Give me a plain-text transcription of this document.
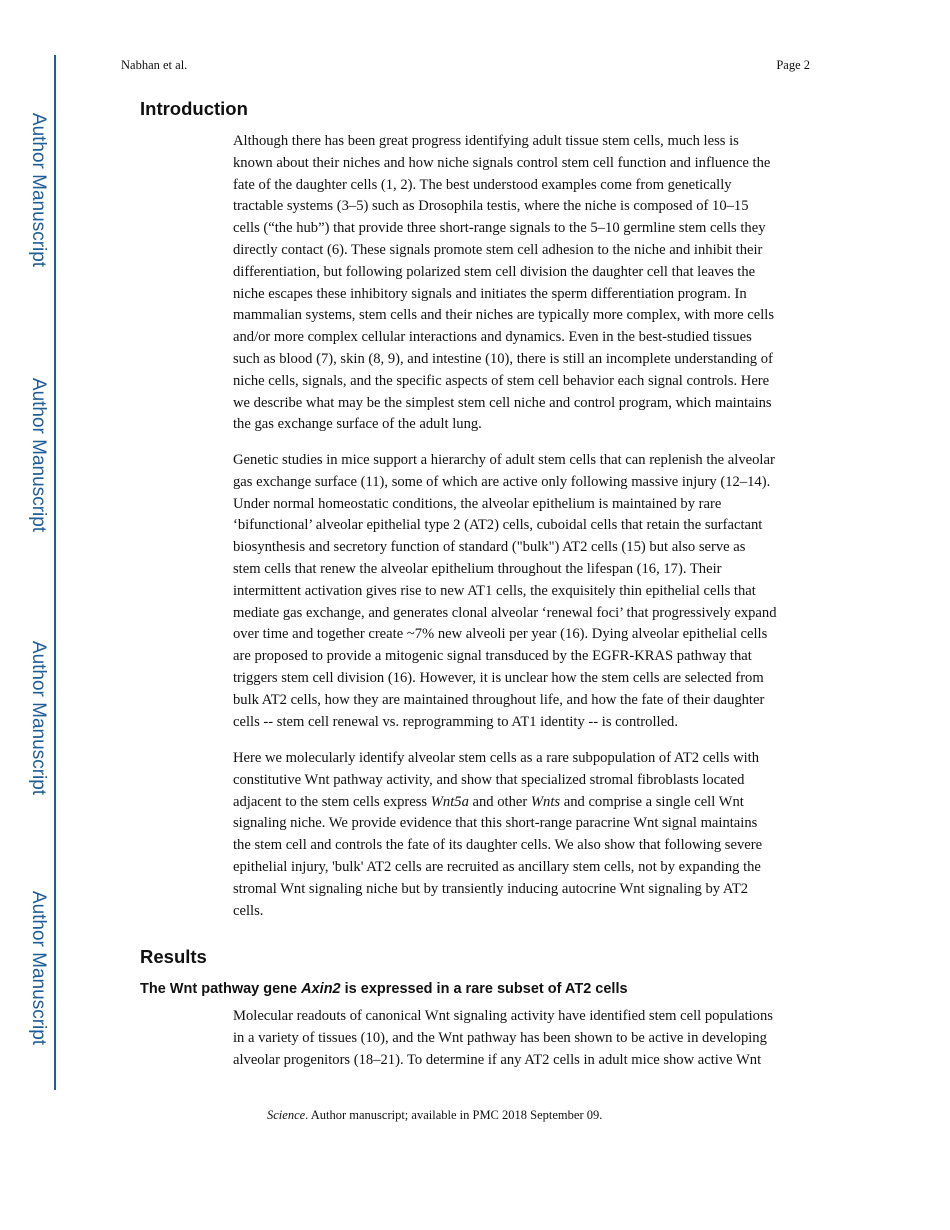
Author Manuscript
Author Manuscript
Author Manuscript
Author Manuscript
Nabhan et al.	Page 2
Introduction
Although there has been great progress identifying adult tissue stem cells, much less is
known about their niches and how niche signals control stem cell function and influence the
fate of the daughter cells (1, 2). The best understood examples come from genetically
tractable systems (3–5) such as Drosophila testis, where the niche is composed of 10–15
cells (“the hub”) that provide three short-range signals to the 5–10 germline stem cells they
directly contact (6). These signals promote stem cell adhesion to the niche and inhibit their
differentiation, but following polarized stem cell division the daughter cell that leaves the
niche escapes these inhibitory signals and initiates the sperm differentiation program. In
mammalian systems, stem cells and their niches are typically more complex, with more cells
and/or more complex cellular interactions and dynamics. Even in the best-studied tissues
such as blood (7), skin (8, 9), and intestine (10), there is still an incomplete understanding of
niche cells, signals, and the specific aspects of stem cell behavior each signal controls. Here
we describe what may be the simplest stem cell niche and control program, which maintains
the gas exchange surface of the adult lung.
Genetic studies in mice support a hierarchy of adult stem cells that can replenish the alveolar
gas exchange surface (11), some of which are active only following massive injury (12–14).
Under normal homeostatic conditions, the alveolar epithelium is maintained by rare
‘bifunctional’ alveolar epithelial type 2 (AT2) cells, cuboidal cells that retain the surfactant
biosynthesis and secretory function of standard ("bulk") AT2 cells (15) but also serve as
stem cells that renew the alveolar epithelium throughout the lifespan (16, 17). Their
intermittent activation gives rise to new AT1 cells, the exquisitely thin epithelial cells that
mediate gas exchange, and generates clonal alveolar ‘renewal foci’ that progressively expand
over time and together create ~7% new alveoli per year (16). Dying alveolar epithelial cells
are proposed to provide a mitogenic signal transduced by the EGFR-KRAS pathway that
triggers stem cell division (16). However, it is unclear how the stem cells are selected from
bulk AT2 cells, how they are maintained throughout life, and how the fate of their daughter
cells -- stem cell renewal vs. reprogramming to AT1 identity -- is controlled.
Here we molecularly identify alveolar stem cells as a rare subpopulation of AT2 cells with
constitutive Wnt pathway activity, and show that specialized stromal fibroblasts located
adjacent to the stem cells express Wnt5a and other Wnts and comprise a single cell Wnt
signaling niche. We provide evidence that this short-range paracrine Wnt signal maintains
the stem cell and controls the fate of its daughter cells. We also show that following severe
epithelial injury, 'bulk' AT2 cells are recruited as ancillary stem cells, not by expanding the
stromal Wnt signaling niche but by transiently inducing autocrine Wnt signaling by AT2
cells.
Results
The Wnt pathway gene Axin2 is expressed in a rare subset of AT2 cells
Molecular readouts of canonical Wnt signaling activity have identified stem cell populations
in a variety of tissues (10), and the Wnt pathway has been shown to be active in developing
alveolar progenitors (18–21). To determine if any AT2 cells in adult mice show active Wnt
Science. Author manuscript; available in PMC 2018 September 09.
